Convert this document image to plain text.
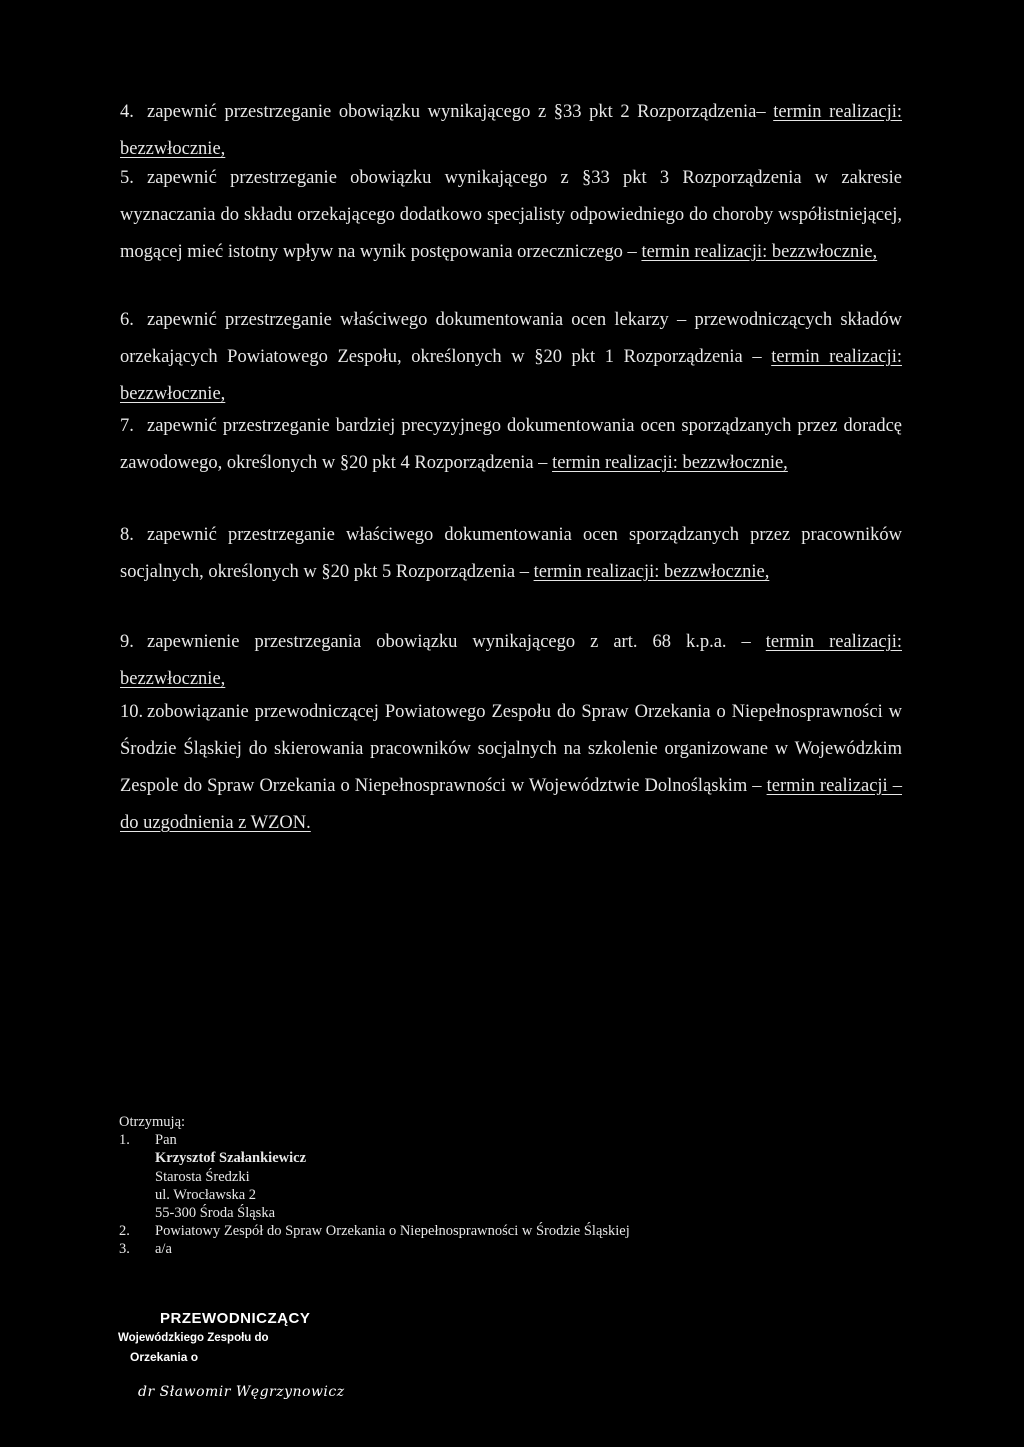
4. zapewnić przestrzeganie obowiązku wynikającego z §33 pkt 2 Rozporządzenia– termin realizacji: bezzwłocznie,
5. zapewnić przestrzeganie obowiązku wynikającego z §33 pkt 3 Rozporządzenia w zakresie wyznaczania do składu orzekającego dodatkowo specjalisty odpowiedniego do choroby współistniejącej, mogącej mieć istotny wpływ na wynik postępowania orzeczniczego – termin realizacji: bezzwłocznie,
6. zapewnić przestrzeganie właściwego dokumentowania ocen lekarzy – przewodniczących składów orzekających Powiatowego Zespołu, określonych w §20 pkt 1 Rozporządzenia – termin realizacji: bezzwłocznie,
7. zapewnić przestrzeganie bardziej precyzyjnego dokumentowania ocen sporządzanych przez doradcę zawodowego, określonych w §20 pkt 4 Rozporządzenia – termin realizacji: bezzwłocznie,
8. zapewnić przestrzeganie właściwego dokumentowania ocen sporządzanych przez pracowników socjalnych, określonych w §20 pkt 5 Rozporządzenia – termin realizacji: bezzwłocznie,
9. zapewnienie przestrzegania obowiązku wynikającego z art. 68 k.p.a. – termin realizacji: bezzwłocznie,
10. zobowiązanie przewodniczącej Powiatowego Zespołu do Spraw Orzekania o Niepełnosprawności w Środzie Śląskiej do skierowania pracowników socjalnych na szkolenie organizowane w Wojewódzkim Zespole do Spraw Orzekania o Niepełnosprawności w Województwie Dolnośląskim – termin realizacji – do uzgodnienia z WZON.
Otrzymują:
1. Pan
Krzysztof Szałankiewicz
Starosta Średzki
ul. Wrocławska 2
55-300 Środa Śląska
2. Powiatowy Zespół do Spraw Orzekania o Niepełnosprawności w Środzie Śląskiej
3. a/a
PRZEWODNICZĄCY
Wojewódzkiego Zespołu do
Orzekania o
dr Sławomir Węgrzynowicz
